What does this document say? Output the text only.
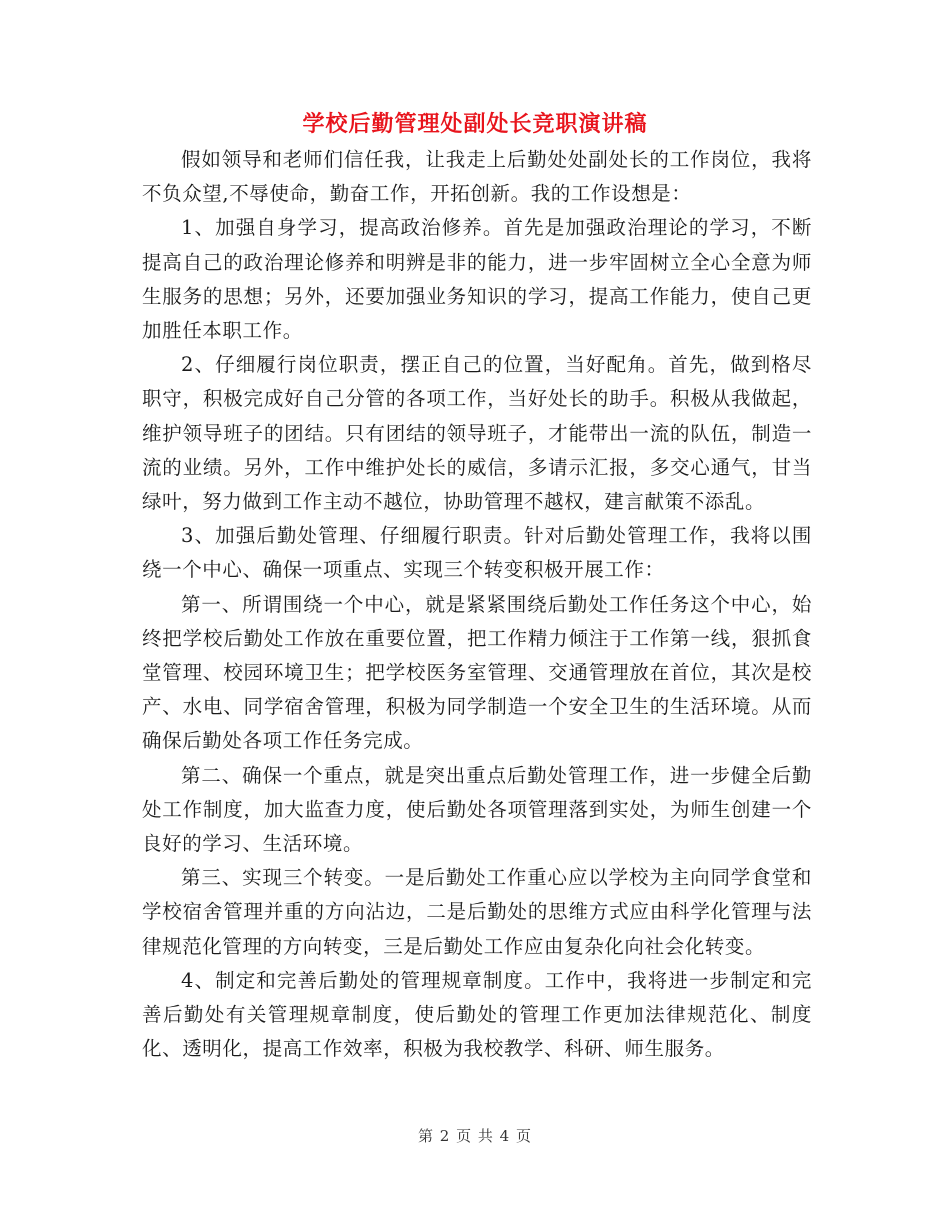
学校后勤管理处副处长竞职演讲稿

假如领导和老师们信任我，让我走上后勤处处副处长的工作岗位，我将不负众望,不辱使命，勤奋工作，开拓创新。我的工作设想是：

1、加强自身学习，提高政治修养。首先是加强政治理论的学习，不断提高自己的政治理论修养和明辨是非的能力，进一步牢固树立全心全意为师生服务的思想；另外，还要加强业务知识的学习，提高工作能力，使自己更加胜任本职工作。

2、仔细履行岗位职责，摆正自己的位置，当好配角。首先，做到格尽职守，积极完成好自己分管的各项工作，当好处长的助手。积极从我做起，维护领导班子的团结。只有团结的领导班子，才能带出一流的队伍，制造一流的业绩。另外，工作中维护处长的威信，多请示汇报，多交心通气，甘当绿叶，努力做到工作主动不越位，协助管理不越权，建言献策不添乱。

3、加强后勤处管理、仔细履行职责。针对后勤处管理工作，我将以围绕一个中心、确保一项重点、实现三个转变积极开展工作：

第一、所谓围绕一个中心，就是紧紧围绕后勤处工作任务这个中心，始终把学校后勤处工作放在重要位置，把工作精力倾注于工作第一线，狠抓食堂管理、校园环境卫生；把学校医务室管理、交通管理放在首位，其次是校产、水电、同学宿舍管理，积极为同学制造一个安全卫生的生活环境。从而确保后勤处各项工作任务完成。

第二、确保一个重点，就是突出重点后勤处管理工作，进一步健全后勤处工作制度，加大监查力度，使后勤处各项管理落到实处，为师生创建一个良好的学习、生活环境。

第三、实现三个转变。一是后勤处工作重心应以学校为主向同学食堂和学校宿舍管理并重的方向沾边，二是后勤处的思维方式应由科学化管理与法律规范化管理的方向转变，三是后勤处工作应由复杂化向社会化转变。

4、制定和完善后勤处的管理规章制度。工作中，我将进一步制定和完善后勤处有关管理规章制度，使后勤处的管理工作更加法律规范化、制度化、透明化，提高工作效率，积极为我校教学、科研、师生服务。

第 2 页 共 4 页
